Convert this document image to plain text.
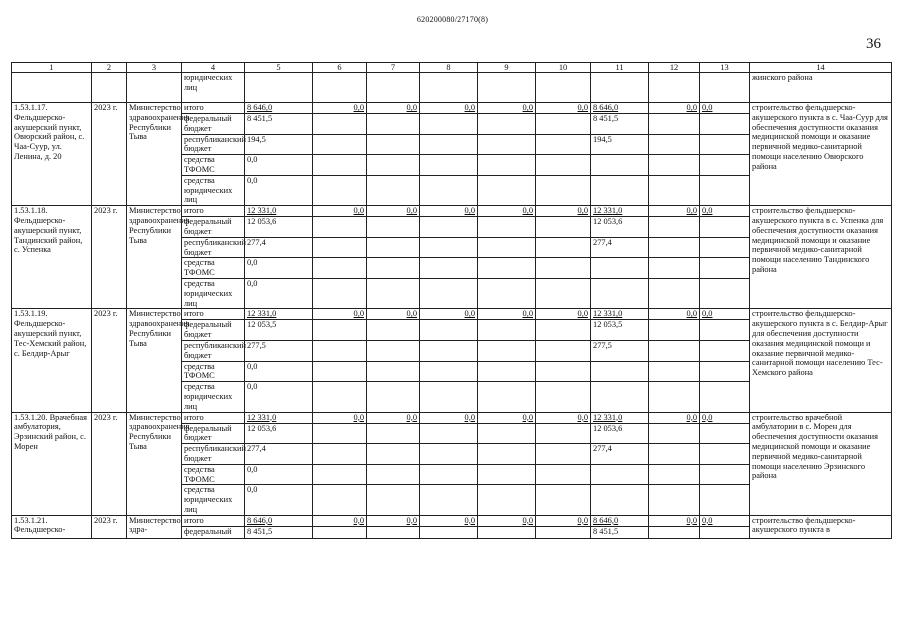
620200080/27170(8)
36
1	2	3	4	5	6	7	8	9	10	11	12	13	14
			юридических лиц										жинского района
1.53.1.17. Фельдшерско-акушерский пункт, Овюрский район, с. Чаа-Суур, ул. Ленина, д. 20	2023 г.	Министерство здравоохранения Республики Тыва	итого	8 646,0	0,0	0,0	0,0	0,0	0,0	8 646,0	0,0	0,0	строительство фельдшерско-акушерского пункта в с. Чаа-Суур для обеспечения доступности оказания медицинской помощи и оказание первичной медико-санитарной помощи населению Овюрского района
			федеральный бюджет	8 451,5						8 451,5			
			республиканский бюджет	194,5						194,5			
			средства ТФОМС	0,0									
			средства юридических лиц	0,0									
1.53.1.18. Фельдшерско-акушерский пункт, Тандинский район, с. Успенка	2023 г.	Министерство здравоохранения Республики Тыва	итого	12 331,0	0,0	0,0	0,0	0,0	0,0	12 331,0	0,0	0,0	строительство фельдшерско-акушерского пункта в с. Успенка для обеспечения доступности оказания медицинской помощи и оказание первичной медико-санитарной помощи населению Тандинского района
			федеральный бюджет	12 053,6						12 053,6			
			республиканский бюджет	277,4						277,4			
			средства ТФОМС	0,0									
			средства юридических лиц	0,0									
1.53.1.19. Фельдшерско-акушерский пункт, Тес-Хемский район, с. Белдир-Арыг	2023 г.	Министерство здравоохранения Республики Тыва	итого	12 331,0	0,0	0,0	0,0	0,0	0,0	12 331,0	0,0	0,0	строительство фельдшерско-акушерского пункта в с. Белдир-Арыг для обеспечения доступности оказания медицинской помощи и оказание первичной медико-санитарной помощи населению Тес-Хемского района
			федеральный бюджет	12 053,5						12 053,5			
			республиканский бюджет	277,5						277,5			
			средства ТФОМС	0,0									
			средства юридических лиц	0,0									
1.53.1.20. Врачебная амбулатория, Эрзинский район, с. Морен	2023 г.	Министерство здравоохранения Республики Тыва	итого	12 331,0	0,0	0,0	0,0	0,0	0,0	12 331,0	0,0	0,0	строительство врачебной амбулатории в с. Морен для обеспечения доступности оказания медицинской помощи и оказание первичной медико-санитарной помощи населению Эрзинского района
			федеральный бюджет	12 053,6						12 053,6			
			республиканский бюджет	277,4						277,4			
			средства ТФОМС	0,0									
			средства юридических лиц	0,0									
1.53.1.21. Фельдшерско-	2023 г.	Министерство здра-	итого	8 646,0	0,0	0,0	0,0	0,0	0,0	8 646,0	0,0	0,0	строительство фельдшерско-акушерского пункта в
			федеральный	8 451,5						8 451,5			
